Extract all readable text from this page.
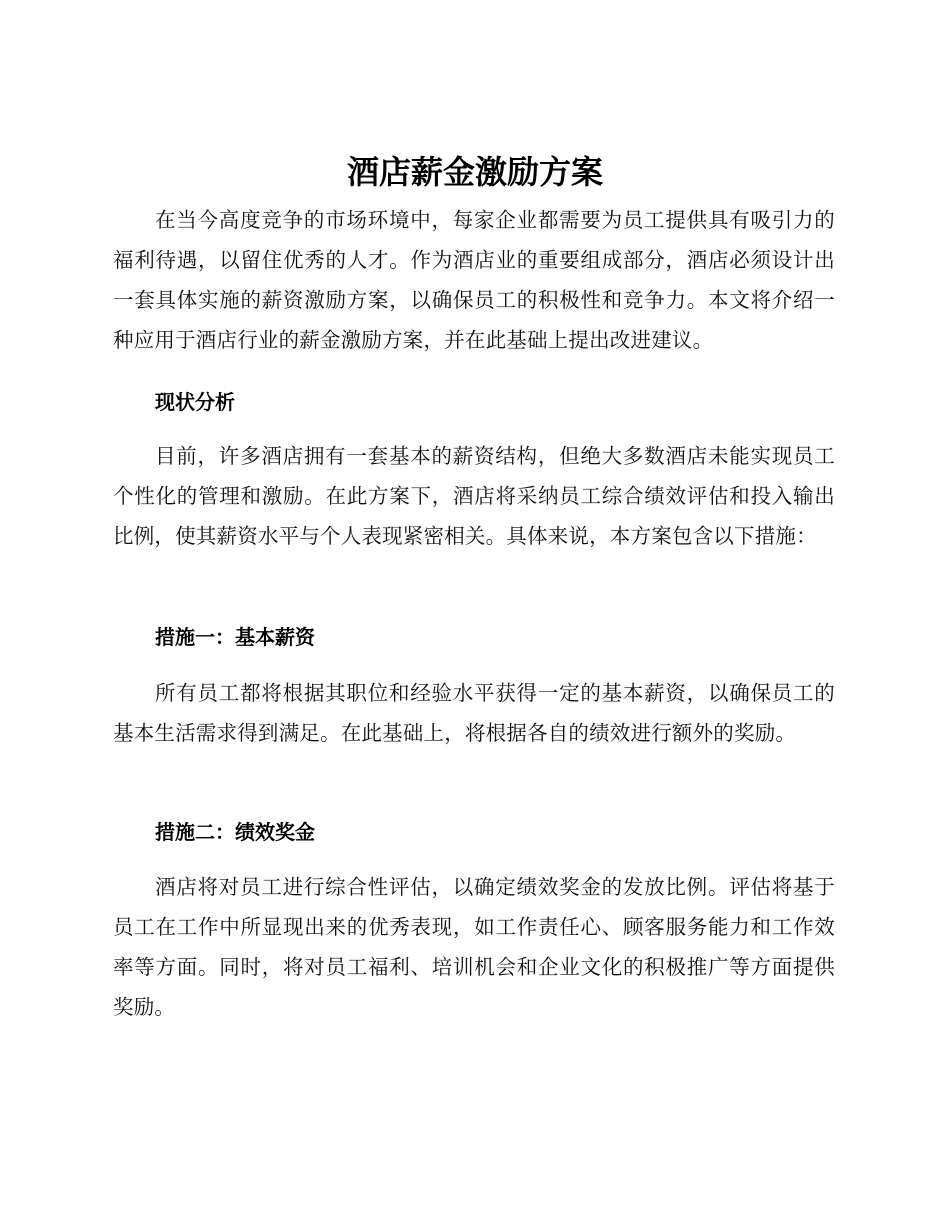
酒店薪金激励方案

在当今高度竞争的市场环境中，每家企业都需要为员工提供具有吸引力的福利待遇，以留住优秀的人才。作为酒店业的重要组成部分，酒店必须设计出一套具体实施的薪资激励方案，以确保员工的积极性和竞争力。本文将介绍一种应用于酒店行业的薪金激励方案，并在此基础上提出改进建议。

现状分析

目前，许多酒店拥有一套基本的薪资结构，但绝大多数酒店未能实现员工个性化的管理和激励。在此方案下，酒店将采纳员工综合绩效评估和投入输出比例，使其薪资水平与个人表现紧密相关。具体来说，本方案包含以下措施：

措施一：基本薪资

所有员工都将根据其职位和经验水平获得一定的基本薪资，以确保员工的基本生活需求得到满足。在此基础上，将根据各自的绩效进行额外的奖励。

措施二：绩效奖金

酒店将对员工进行综合性评估，以确定绩效奖金的发放比例。评估将基于员工在工作中所显现出来的优秀表现，如工作责任心、顾客服务能力和工作效率等方面。同时，将对员工福利、培训机会和企业文化的积极推广等方面提供奖励。
